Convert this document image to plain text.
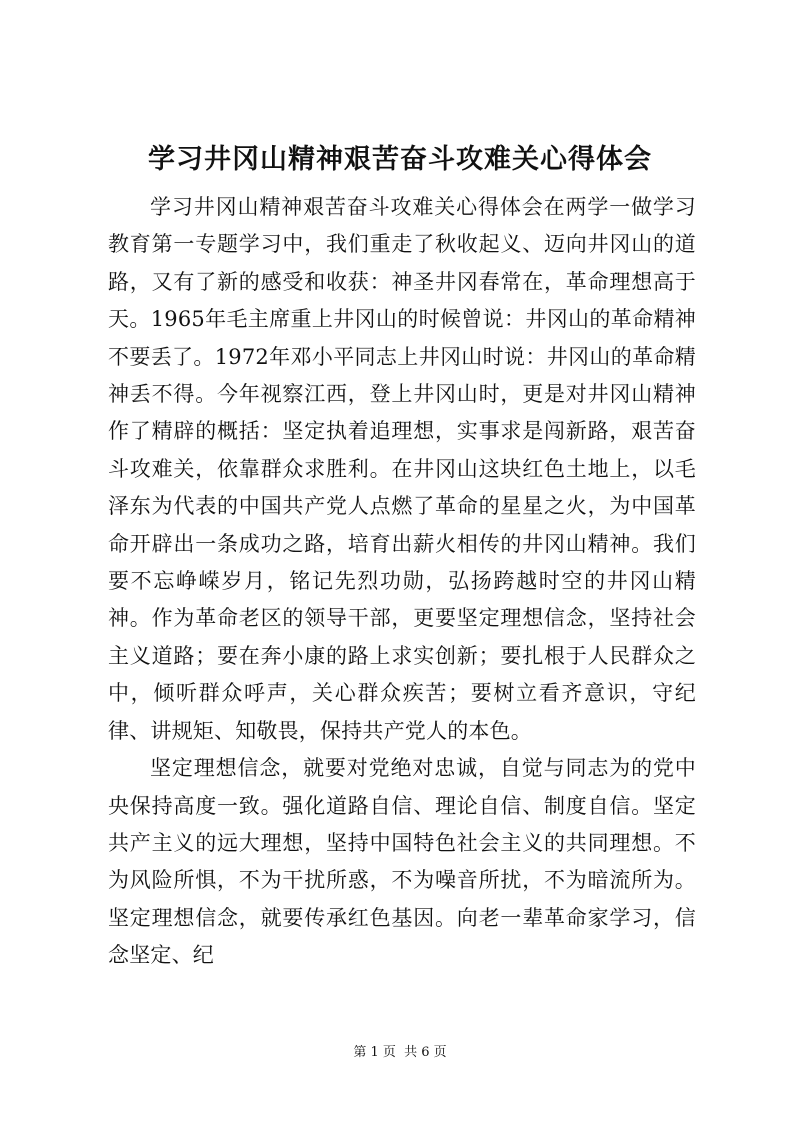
学习井冈山精神艰苦奋斗攻难关心得体会

学习井冈山精神艰苦奋斗攻难关心得体会在两学一做学习教育第一专题学习中，我们重走了秋收起义、迈向井冈山的道路，又有了新的感受和收获：神圣井冈春常在，革命理想高于天。1965年毛主席重上井冈山的时候曾说：井冈山的革命精神不要丢了。1972年邓小平同志上井冈山时说：井冈山的革命精神丢不得。今年视察江西，登上井冈山时，更是对井冈山精神作了精辟的概括：坚定执着追理想，实事求是闯新路，艰苦奋斗攻难关，依靠群众求胜利。在井冈山这块红色土地上，以毛泽东为代表的中国共产党人点燃了革命的星星之火，为中国革命开辟出一条成功之路，培育出薪火相传的井冈山精神。我们要不忘峥嵘岁月，铭记先烈功勋，弘扬跨越时空的井冈山精神。作为革命老区的领导干部，更要坚定理想信念，坚持社会主义道路；要在奔小康的路上求实创新；要扎根于人民群众之中，倾听群众呼声，关心群众疾苦；要树立看齐意识，守纪律、讲规矩、知敬畏，保持共产党人的本色。

坚定理想信念，就要对党绝对忠诚，自觉与同志为的党中央保持高度一致。强化道路自信、理论自信、制度自信。坚定共产主义的远大理想，坚持中国特色社会主义的共同理想。不为风险所惧，不为干扰所惑，不为噪音所扰，不为暗流所为。坚定理想信念，就要传承红色基因。向老一辈革命家学习，信念坚定、纪

第 1 页  共 6 页
